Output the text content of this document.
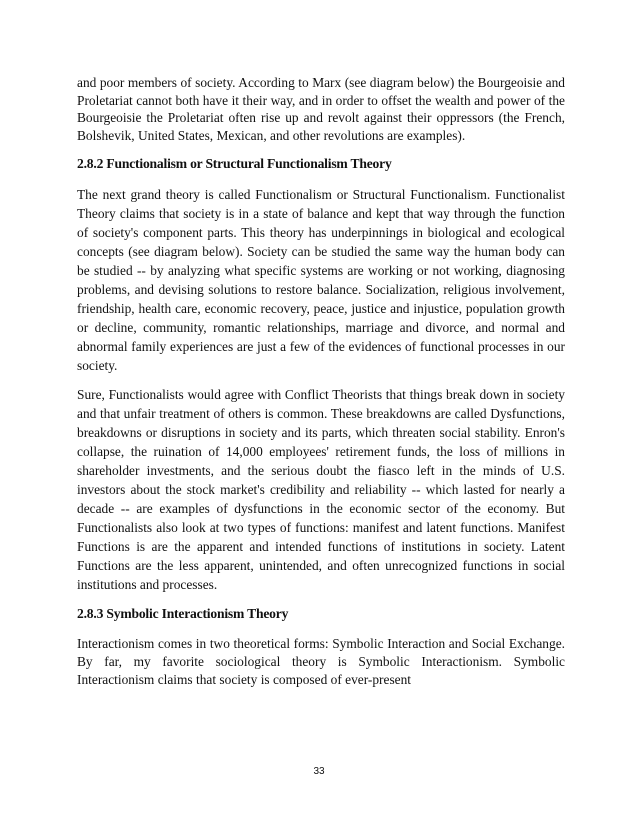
and poor members of society. According to Marx (see diagram below) the Bourgeoisie and Proletariat cannot both have it their way, and in order to offset the wealth and power of the Bourgeoisie the Proletariat often rise up and revolt against their oppressors (the French, Bolshevik, United States, Mexican, and other revolutions are examples).

2.8.2 Functionalism or Structural Functionalism Theory

The next grand theory is called Functionalism or Structural Functionalism. Functionalist Theory claims that society is in a state of balance and kept that way through the function of society's component parts. This theory has underpinnings in biological and ecological concepts (see diagram below). Society can be studied the same way the human body can be studied -- by analyzing what specific systems are working or not working, diagnosing problems, and devising solutions to restore balance. Socialization, religious involvement, friendship, health care, economic recovery, peace, justice and injustice, population growth or decline, community, romantic relationships, marriage and divorce, and normal and abnormal family experiences are just a few of the evidences of functional processes in our society.

Sure, Functionalists would agree with Conflict Theorists that things break down in society and that unfair treatment of others is common. These breakdowns are called Dysfunctions, breakdowns or disruptions in society and its parts, which threaten social stability. Enron's collapse, the ruination of 14,000 employees' retirement funds, the loss of millions in shareholder investments, and the serious doubt the fiasco left in the minds of U.S. investors about the stock market's credibility and reliability -- which lasted for nearly a decade -- are examples of dysfunctions in the economic sector of the economy. But Functionalists also look at two types of functions: manifest and latent functions. Manifest Functions is are the apparent and intended functions of institutions in society. Latent Functions are the less apparent, unintended, and often unrecognized functions in social institutions and processes.

2.8.3 Symbolic Interactionism Theory

Interactionism comes in two theoretical forms: Symbolic Interaction and Social Exchange. By far, my favorite sociological theory is Symbolic Interactionism. Symbolic Interactionism claims that society is composed of ever-present

33
